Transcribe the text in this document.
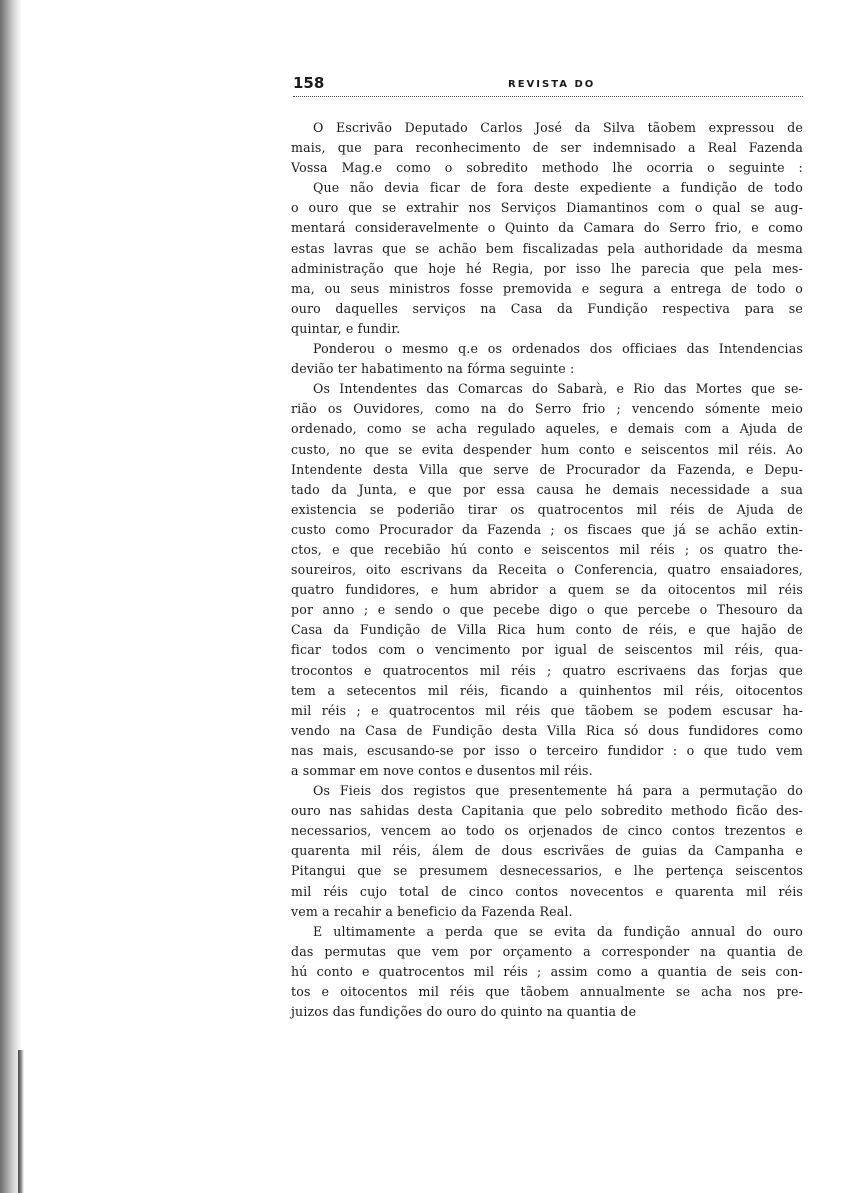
158	REVISTA DO
O Escrivão Deputado Carlos José da Silva tãobem expressou de
mais, que para reconhecimento de ser indemnisado a Real Fazenda
Vossa Mag.e como o sobredito methodo lhe ocorria o seguinte :
Que não devia ficar de fora deste expediente a fundição de todo
o ouro que se extrahir nos Serviços Diamantinos com o qual se aug-
mentará consideravelmente o Quinto da Camara do Serro frio, e como
estas lavras que se achão bem fiscalizadas pela authoridade da mesma
administração que hoje hé Regia, por isso lhe parecia que pela mes-
ma, ou seus ministros fosse premovida e segura a entrega de todo o
ouro daquelles serviços na Casa da Fundição respectiva para se
quintar, e fundir.
Ponderou o mesmo q.e os ordenados dos officiaes das Intendencias
devião ter habatimento na fórma seguinte :
Os Intendentes das Comarcas do Sabarà, e Rio das Mortes que se-
rião os Ouvidores, como na do Serro frio ; vencendo sómente meio
ordenado, como se acha regulado aqueles, e demais com a Ajuda de
custo, no que se evita despender hum conto e seiscentos mil réis. Ao
Intendente desta Villa que serve de Procurador da Fazenda, e Depu-
tado da Junta, e que por essa causa he demais necessidade a sua
existencia se poderião tirar os quatrocentos mil réis de Ajuda de
custo como Procurador da Fazenda ; os fiscaes que já se achão extin-
ctos, e que recebião hú conto e seiscentos mil réis ; os quatro the-
soureiros, oito escrivans da Receita o Conferencia, quatro ensaiadores,
quatro fundidores, e hum abridor a quem se da oitocentos mil réis
por anno ; e sendo o que pecebe digo o que percebe o Thesouro da
Casa da Fundição de Villa Rica hum conto de réis, e que hajão de
ficar todos com o vencimento por igual de seiscentos mil réis, qua-
trocontos e quatrocentos mil réis ; quatro escrivaens das forjas que
tem a setecentos mil réis, ficando a quinhentos mil réis, oitocentos
mil réis ; e quatrocentos mil réis que tãobem se podem escusar ha-
vendo na Casa de Fundição desta Villa Rica só dous fundidores como
nas mais, escusando-se por isso o terceiro fundidor : o que tudo vem
a sommar em nove contos e dusentos mil réis.
Os Fieis dos registos que presentemente há para a permutação do
ouro nas sahidas desta Capitania que pelo sobredito methodo ficão des-
necessarios, vencem ao todo os orjenados de cinco contos trezentos e
quarenta mil réis, álem de dous escrivães de guias da Campanha e
Pitangui que se presumem desnecessarios, e lhe pertença seiscentos
mil réis cujo total de cinco contos novecentos e quarenta mil réis
vem a recahir a beneficio da Fazenda Real.
E ultimamente a perda que se evita da fundição annual do ouro
das permutas que vem por orçamento a corresponder na quantia de
hú conto e quatrocentos mil réis ; assim como a quantia de seis con-
tos e oitocentos mil réis que tãobem annualmente se acha nos pre-
juizos das fundições do ouro do quinto na quantia de
